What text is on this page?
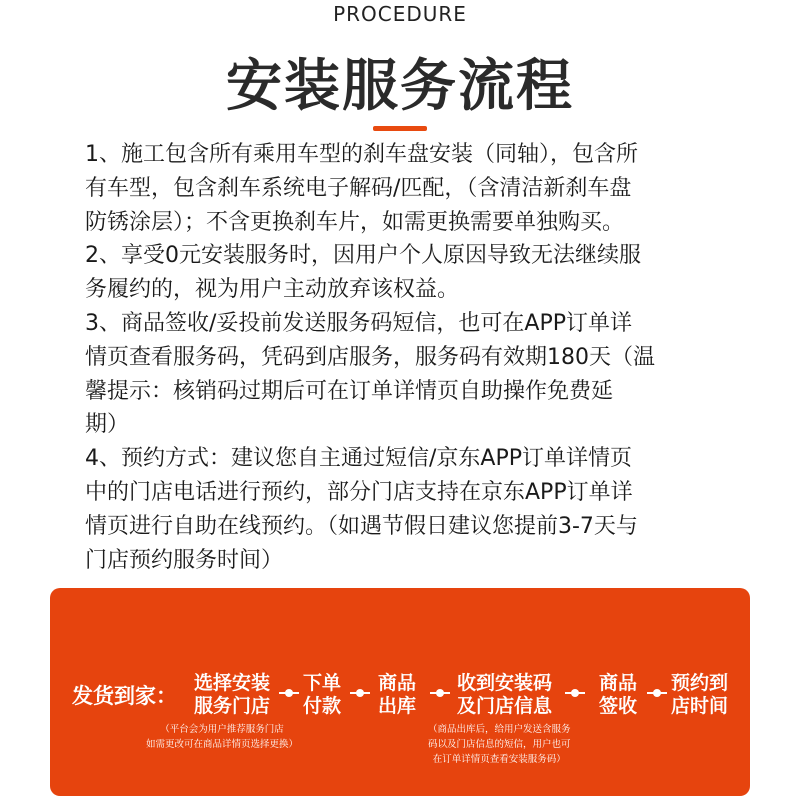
PROCEDURE
安装服务流程
1、施工包含所有乘用车型的刹车盘安装（同轴），包含所
有车型，包含刹车系统电子解码/匹配，（含清洁新刹车盘
防锈涂层）；不含更换刹车片，如需更换需要单独购买。
2、享受0元安装服务时，因用户个人原因导致无法继续服
务履约的，视为用户主动放弃该权益。
3、商品签收/妥投前发送服务码短信，也可在APP订单详
情页查看服务码，凭码到店服务，服务码有效期180天（温
馨提示：核销码过期后可在订单详情页自助操作免费延
期）
4、预约方式：建议您自主通过短信/京东APP订单详情页
中的门店电话进行预约，部分门店支持在京东APP订单详
情页进行自助在线预约。（如遇节假日建议您提前3-7天与
门店预约服务时间）
发货到家：
选择安装
服务门店
下单
付款
商品
出库
收到安装码
及门店信息
商品
签收
预约到
店时间
（平台会为用户推荐服务门店
如需更改可在商品详情页选择更换）
（商品出库后，给用户发送含服务
码以及门店信息的短信，用户也可
在订单详情页查看安装服务码）
